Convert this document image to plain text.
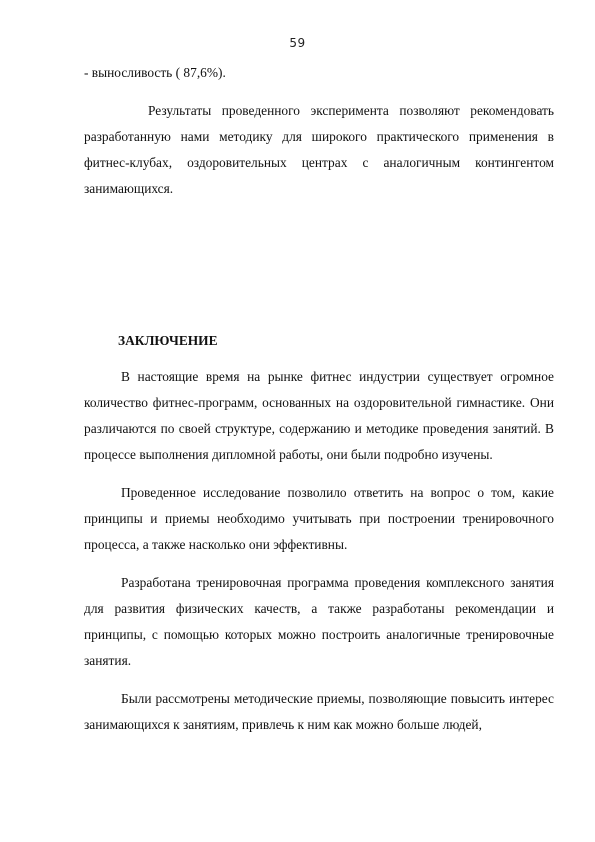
59

- выносливость ( 87,6%).

Результаты проведенного эксперимента позволяют рекомендовать разработанную нами методику для широкого практического применения в фитнес-клубах, оздоровительных центрах с аналогичным контингентом занимающихся.

ЗАКЛЮЧЕНИЕ

В настоящие время на рынке фитнес индустрии существует огромное количество фитнес-программ, основанных на оздоровительной гимнастике. Они различаются по своей структуре, содержанию и методике проведения занятий. В процессе выполнения дипломной работы, они были подробно изучены.

Проведенное исследование позволило ответить на вопрос о том, какие принципы и приемы необходимо учитывать при построении тренировочного процесса, а также насколько они эффективны.

Разработана тренировочная программа проведения комплексного занятия для развития физических качеств, а также разработаны рекомендации и принципы, с помощью которых можно построить аналогичные тренировочные занятия.

Были рассмотрены методические приемы, позволяющие повысить интерес занимающихся к занятиям, привлечь к ним как можно больше людей,
